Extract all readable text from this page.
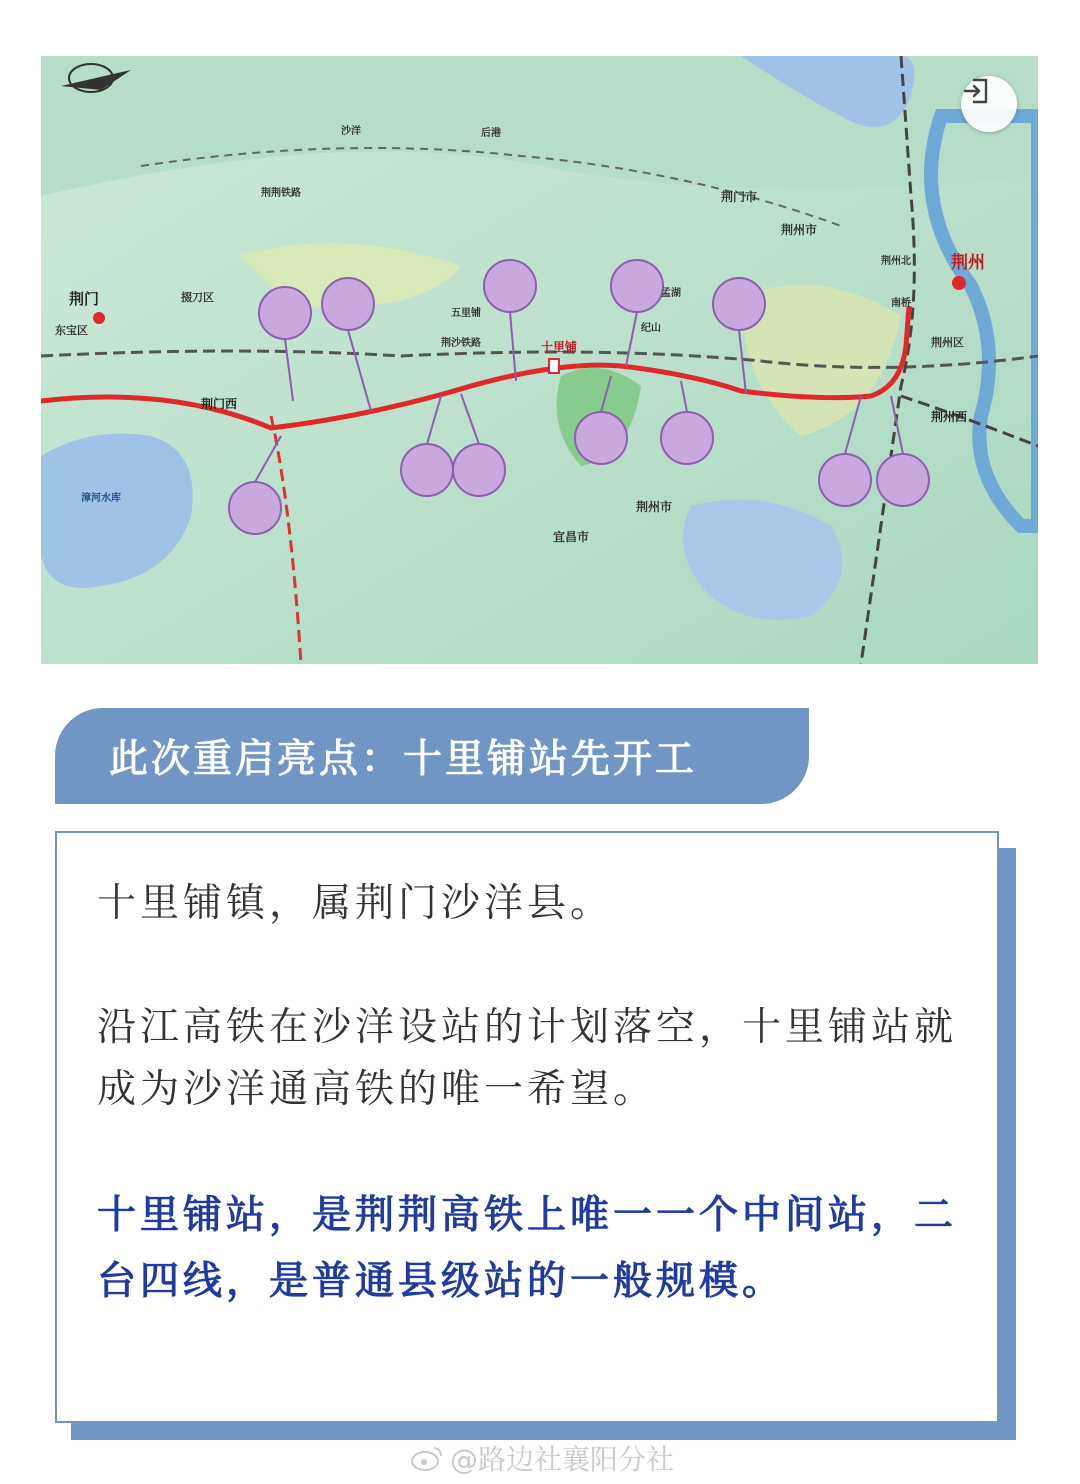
荆门
荆州
荆门西
荆州西
十里铺
荆门市
荆州市
荆州市
宜昌市
掇刀区
东宝区
荆州区
漳河水库
荆沙铁路
荆州北
纪山
南桥
五里铺
后港
沙洋
孟湖
荆荆铁路
此次重启亮点：十里铺站先开工

十里铺镇，属荆门沙洋县。

沿江高铁在沙洋设站的计划落空，十里铺站就成为沙洋通高铁的唯一希望。

十里铺站，是荆荆高铁上唯一一个中间站，二台四线，是普通县级站的一般规模。

@路边社襄阳分社
